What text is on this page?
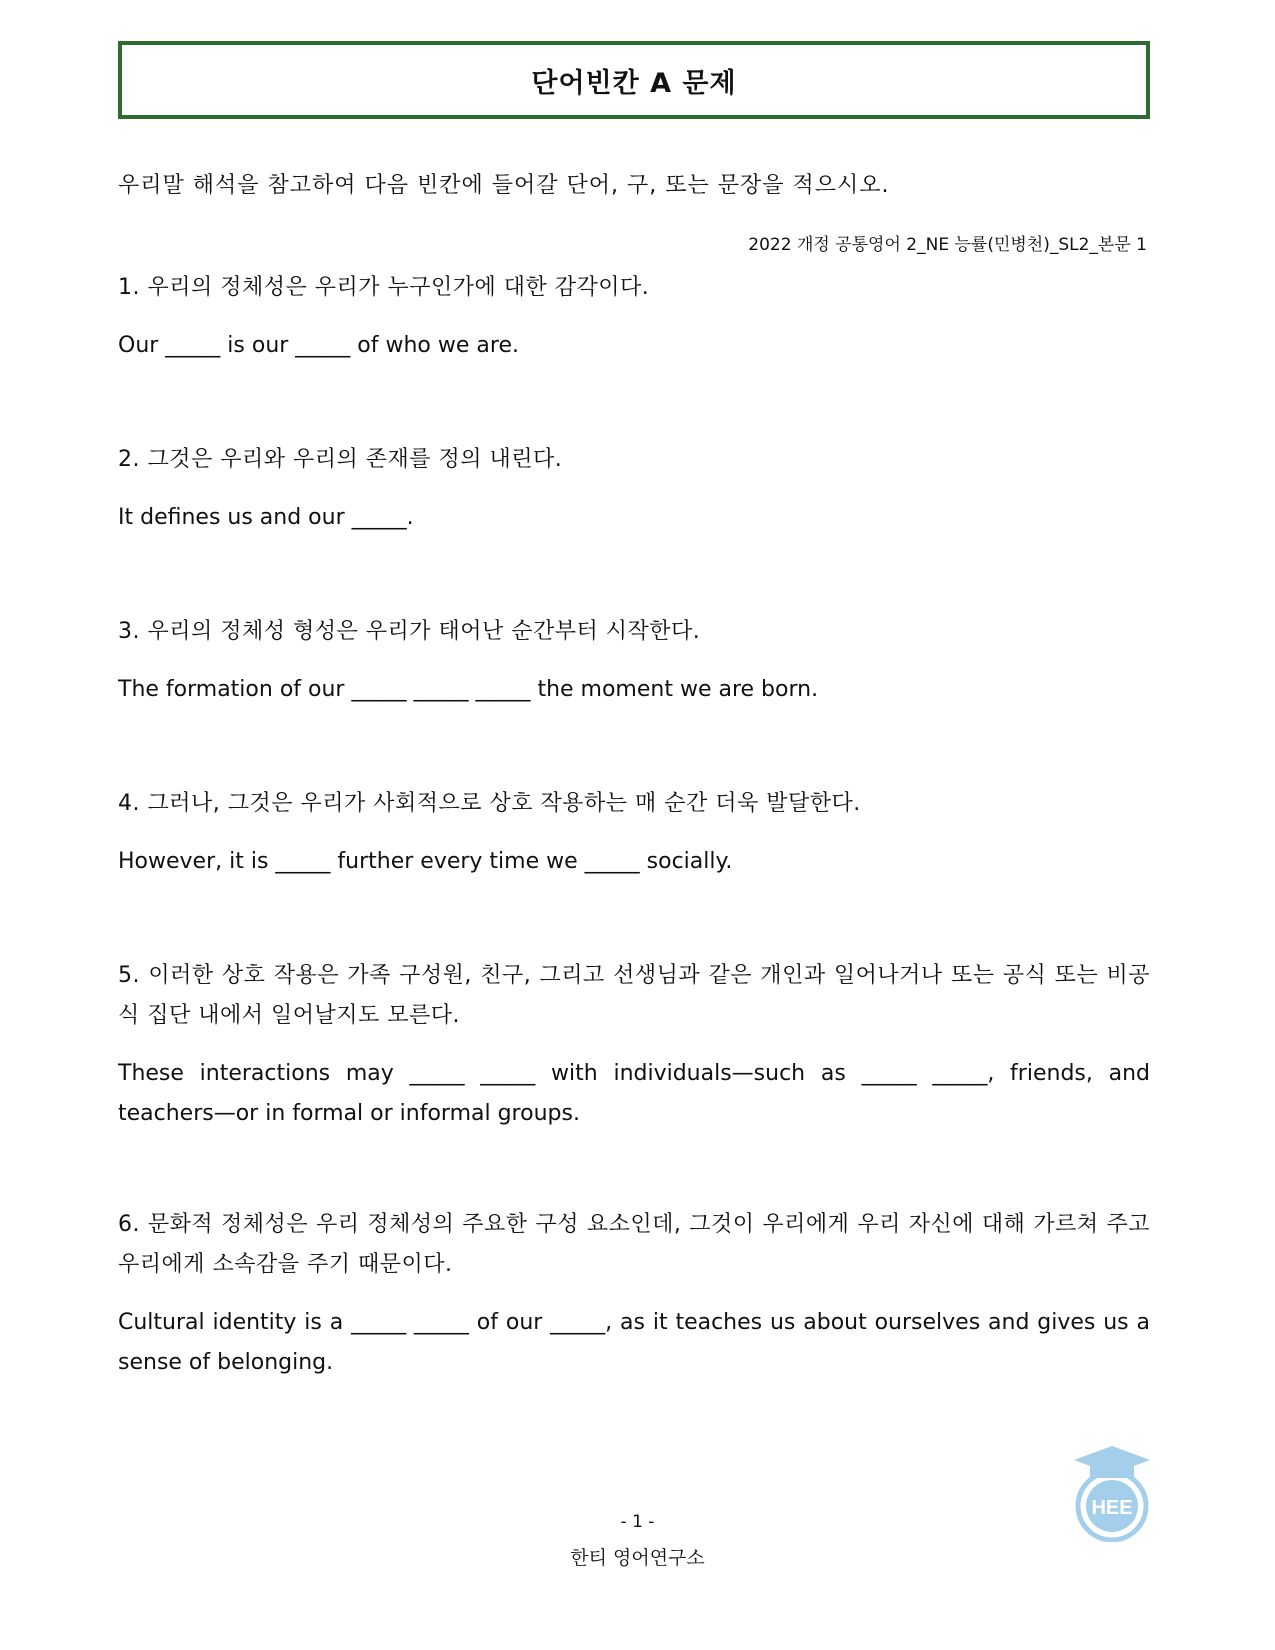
단어빈칸 A 문제
우리말 해석을 참고하여 다음 빈칸에 들어갈 단어, 구, 또는 문장을 적으시오.
2022 개정 공통영어 2_NE 능률(민병천)_SL2_본문 1

1. 우리의 정체성은 우리가 누구인가에 대한 감각이다.

Our _____ is our _____ of who we are.

2. 그것은 우리와 우리의 존재를 정의 내린다.

It defines us and our _____.

3. 우리의 정체성 형성은 우리가 태어난 순간부터 시작한다.

The formation of our _____ _____ _____ the moment we are born.

4. 그러나, 그것은 우리가 사회적으로 상호 작용하는 매 순간 더욱 발달한다.

However, it is _____ further every time we _____ socially.

5. 이러한 상호 작용은 가족 구성원, 친구, 그리고 선생님과 같은 개인과 일어나거나 또는 공식 또는 비공식 집단 내에서 일어날지도 모른다.

These interactions may _____ _____ with individuals—such as _____ _____, friends, and teachers—or in formal or informal groups.

6. 문화적 정체성은 우리 정체성의 주요한 구성 요소인데, 그것이 우리에게 우리 자신에 대해 가르쳐 주고 우리에게 소속감을 주기 때문이다.

Cultural identity is a _____ _____ of our _____, as it teaches us about ourselves and gives us a sense of belonging.

HEE
- 1 -
한티 영어연구소
